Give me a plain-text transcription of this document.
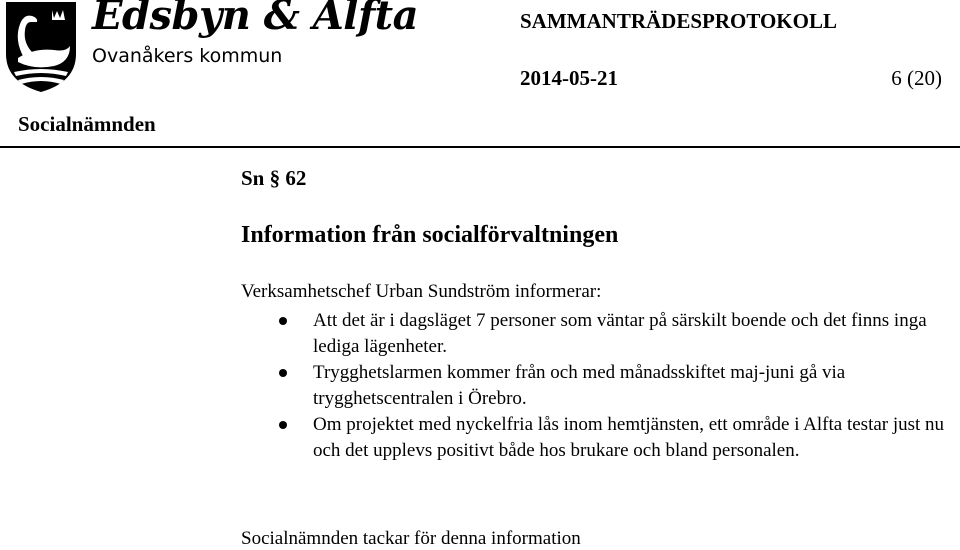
Edsbyn & Alfta
Ovanåkers kommun
SAMMANTRÄDESPROTOKOLL
2014-05-21	6 (20)
Socialnämnden
Sn § 62
Information från socialförvaltningen
Verksamhetschef Urban Sundström informerar:
Att det är i dagsläget 7 personer som väntar på särskilt boende och det finns inga lediga lägenheter.
Trygghetslarmen kommer från och med månadsskiftet maj-juni gå via trygghetscentralen i Örebro.
Om projektet med nyckelfria lås inom hemtjänsten, ett område i Alfta testar just nu och det upplevs positivt både hos brukare och bland personalen.
Socialnämnden tackar för denna information
